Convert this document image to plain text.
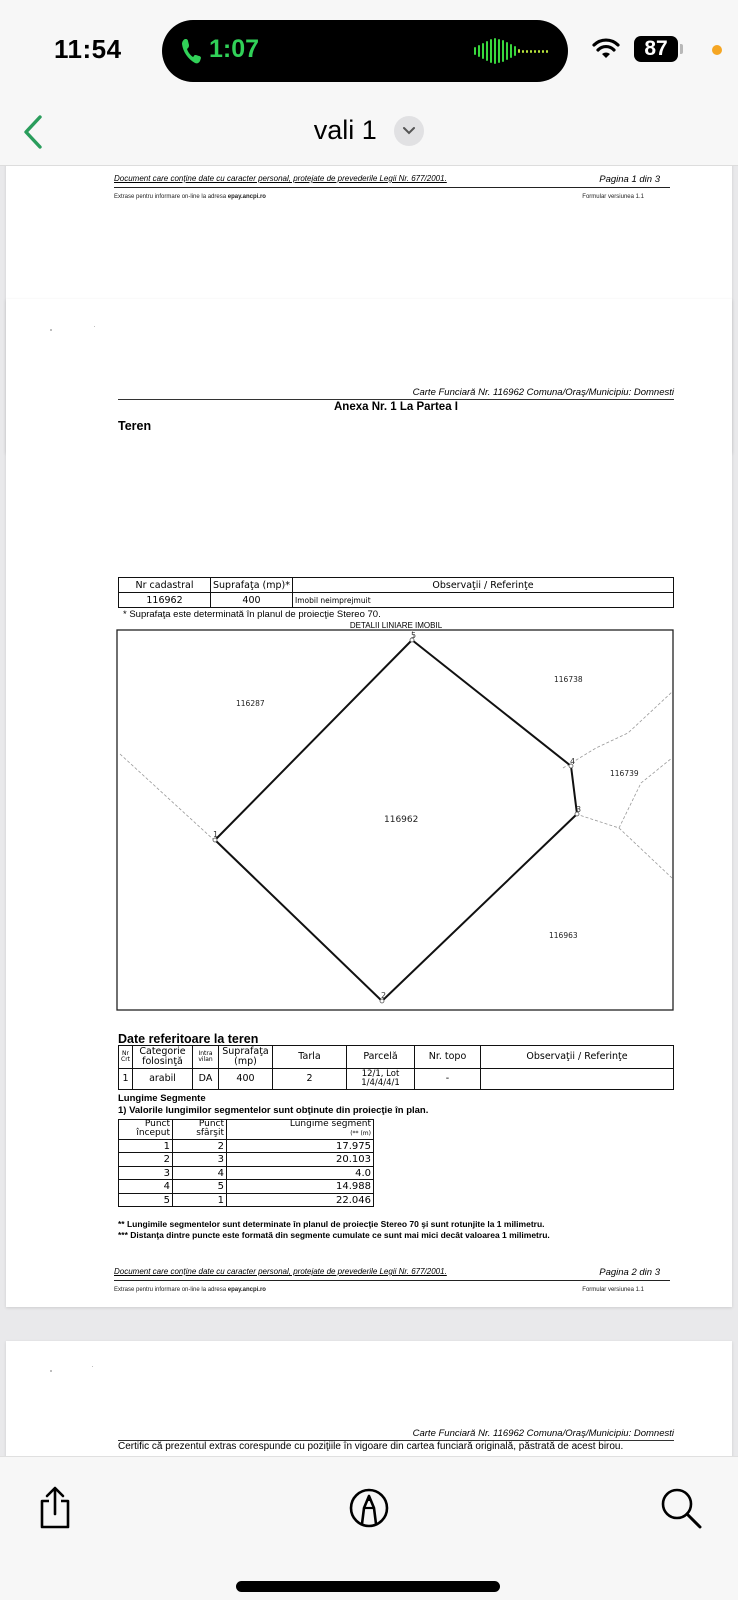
11:54	1:07	87
vali 1
Document care conţine date cu caracter personal, protejate de prevederile Legii Nr. 677/2001.	Pagina 1 din 3
Extrase pentru informare on-line la adresa epay.ancpi.ro	Formular versiunea 1.1
Carte Funciară Nr. 116962 Comuna/Oraş/Municipiu: Domnesti
Anexa Nr. 1 La Partea I
Teren
Nr cadastral	Suprafaţa (mp)*	Observaţii / Referinţe
116962	400	Imobil neimprejmuit
* Suprafaţa este determinată în planul de proiecţie Stereo 70.
DETALII LINIARE IMOBIL
1
2
3
4
5
116962
116287
116738
116739
116963
Date referitoare la teren
Nr Crt	Categorie folosinţă	Intra vilan	Suprafaţa (mp)	Tarla	Parcelă	Nr. topo	Observaţii / Referinţe
1	arabil	DA	400	2	12/1, Lot 1/4/4/4/1	-	
Lungime Segmente
1) Valorile lungimilor segmentelor sunt obţinute din proiecţie în plan.
Punct început	Punct sfârşit	Lungime segment
(** (m)
1	2	17.975
2	3	20.103
3	4	4.0
4	5	14.988
5	1	22.046
** Lungimile segmentelor sunt determinate în planul de proiecţie Stereo 70 şi sunt rotunjite la 1 milimetru.
*** Distanţa dintre puncte este formată din segmente cumulate ce sunt mai mici decât valoarea 1 milimetru.
Document care conţine date cu caracter personal, protejate de prevederile Legii Nr. 677/2001.	Pagina 2 din 3
Extrase pentru informare on-line la adresa epay.ancpi.ro	Formular versiunea 1.1
Carte Funciară Nr. 116962 Comuna/Oraş/Municipiu: Domnesti
Certific că prezentul extras corespunde cu poziţiile în vigoare din cartea funciară originală, păstrată de acest birou.
